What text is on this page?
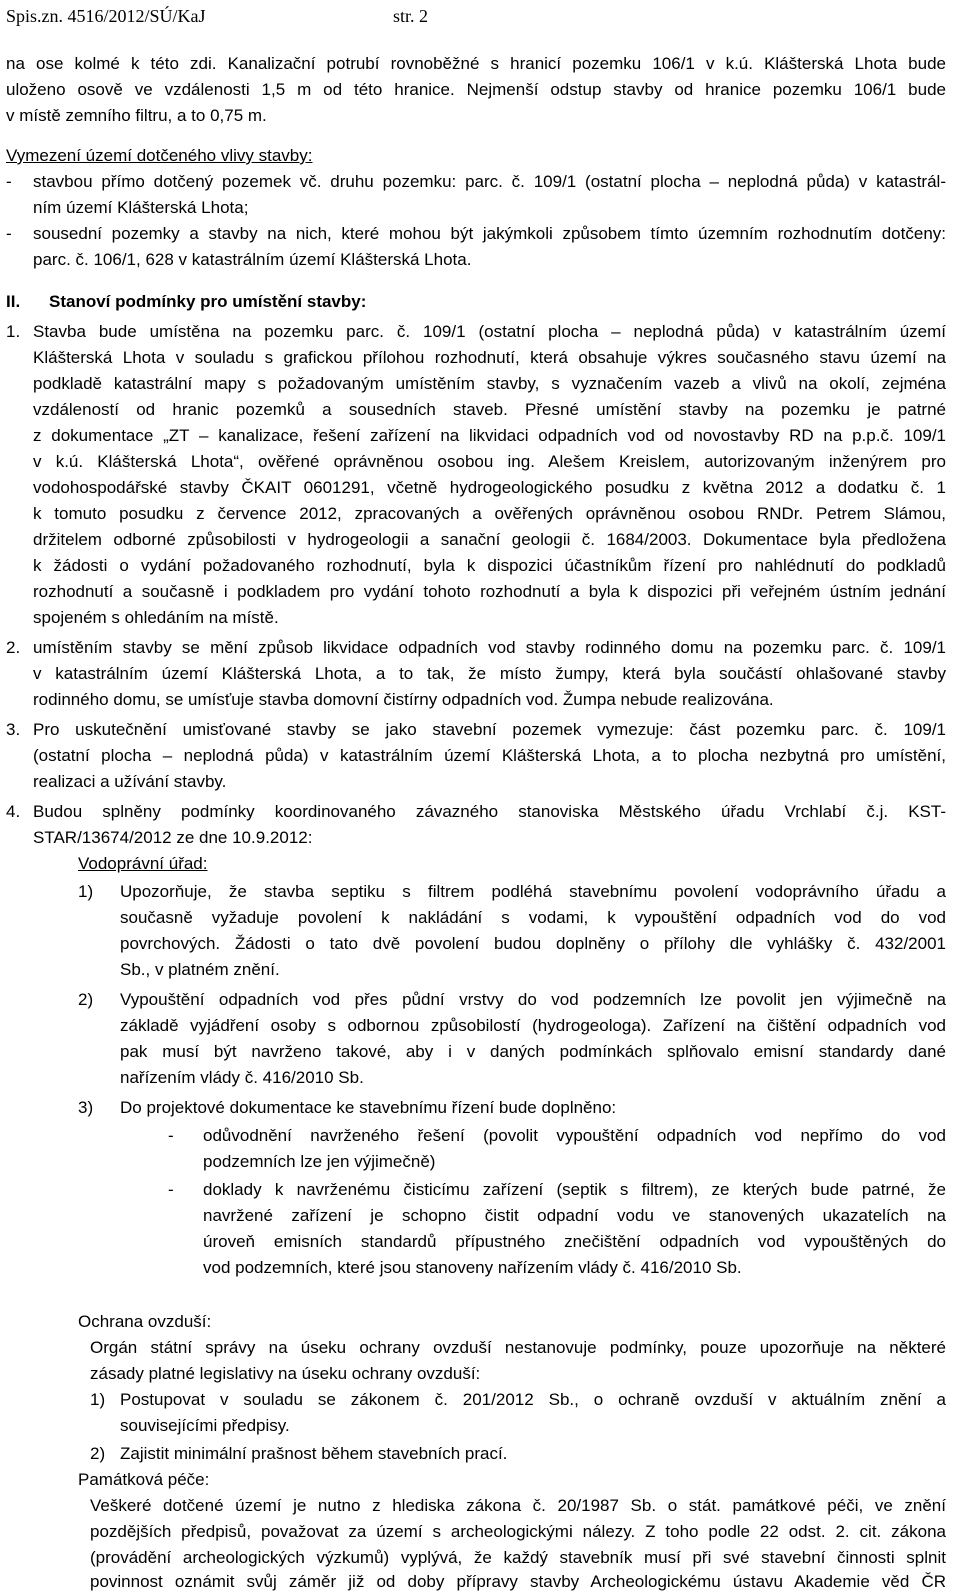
Spis.zn. 4516/2012/SÚ/KaJ	str. 2
na ose kolmé k této zdi. Kanalizační potrubí rovnoběžné s hranicí pozemku 106/1 v k.ú. Klášterská Lhota bude
uloženo osově ve vzdálenosti 1,5 m od této hranice. Nejmenší odstup stavby od hranice pozemku 106/1 bude
v místě zemního filtru, a to 0,75 m.
Vymezení území dotčeného vlivy stavby:
- stavbou přímo dotčený pozemek vč. druhu pozemku: parc. č. 109/1 (ostatní plocha – neplodná půda) v katastrál-
ním území Klášterská Lhota;
- sousední pozemky a stavby na nich, které mohou být jakýmkoli způsobem tímto územním rozhodnutím dotčeny:
parc. č. 106/1, 628 v katastrálním území Klášterská Lhota.
II. Stanoví podmínky pro umístění stavby:
1. Stavba bude umístěna na pozemku parc. č. 109/1 (ostatní plocha – neplodná půda) v katastrálním území
Klášterská Lhota v souladu s grafickou přílohou rozhodnutí, která obsahuje výkres současného stavu území na
podkladě katastrální mapy s požadovaným umístěním stavby, s vyznačením vazeb a vlivů na okolí, zejména
vzdáleností od hranic pozemků a sousedních staveb. Přesné umístění stavby na pozemku je patrné
z dokumentace „ZT – kanalizace, řešení zařízení na likvidaci odpadních vod od novostavby RD na p.p.č. 109/1
v k.ú. Klášterská Lhota“, ověřené oprávněnou osobou ing. Alešem Kreislem, autorizovaným inženýrem pro
vodohospodářské stavby ČKAIT 0601291, včetně hydrogeologického posudku z května 2012 a dodatku č. 1
k tomuto posudku z července 2012, zpracovaných a ověřených oprávněnou osobou RNDr. Petrem Slámou,
držitelem odborné způsobilosti v hydrogeologii a sanační geologii č. 1684/2003. Dokumentace byla předložena
k žádosti o vydání požadovaného rozhodnutí, byla k dispozici účastníkům řízení pro nahlédnutí do podkladů
rozhodnutí a současně i podkladem pro vydání tohoto rozhodnutí a byla k dispozici při veřejném ústním jednání
spojeném s ohledáním na místě.
2. umístěním stavby se mění způsob likvidace odpadních vod stavby rodinného domu na pozemku parc. č. 109/1
v katastrálním území Klášterská Lhota, a to tak, že místo žumpy, která byla součástí ohlašované stavby
rodinného domu, se umísťuje stavba domovní čistírny odpadních vod. Žumpa nebude realizována.
3. Pro uskutečnění umisťované stavby se jako stavební pozemek vymezuje: část pozemku parc. č. 109/1
(ostatní plocha – neplodná půda) v katastrálním území Klášterská Lhota, a to plocha nezbytná pro umístění,
realizaci a užívání stavby.
4. Budou splněny podmínky koordinovaného závazného stanoviska Městského úřadu Vrchlabí č.j. KST-
STAR/13674/2012 ze dne 10.9.2012:
Vodoprávní úřad:
1) Upozorňuje, že stavba septiku s filtrem podléhá stavebnímu povolení vodoprávního úřadu a
současně vyžaduje povolení k nakládání s vodami, k vypouštění odpadních vod do vod
povrchových. Žádosti o tato dvě povolení budou doplněny o přílohy dle vyhlášky č. 432/2001
Sb., v platném znění.
2) Vypouštění odpadních vod přes půdní vrstvy do vod podzemních lze povolit jen výjimečně na
základě vyjádření osoby s odbornou způsobilostí (hydrogeologa). Zařízení na čištění odpadních vod
pak musí být navrženo takové, aby i v daných podmínkách splňovalo emisní standardy dané
nařízením vlády č. 416/2010 Sb.
3) Do projektové dokumentace ke stavebnímu řízení bude doplněno:
- odůvodnění navrženého řešení (povolit vypouštění odpadních vod nepřímo do vod
podzemních lze jen výjimečně)
- doklady k navrženému čisticímu zařízení (septik s filtrem), ze kterých bude patrné, že
navržené zařízení je schopno čistit odpadní vodu ve stanovených ukazatelích na
úroveň emisních standardů přípustného znečištění odpadních vod vypouštěných do
vod podzemních, které jsou stanoveny nařízením vlády č. 416/2010 Sb.
Ochrana ovzduší:
Orgán státní správy na úseku ochrany ovzduší nestanovuje podmínky, pouze upozorňuje na některé
zásady platné legislativy na úseku ochrany ovzduší:
1) Postupovat v souladu se zákonem č. 201/2012 Sb., o ochraně ovzduší v aktuálním znění a
souvisejícími předpisy.
2) Zajistit minimální prašnost během stavebních prací.
Památková péče:
Veškeré dotčené území je nutno z hlediska zákona č. 20/1987 Sb. o stát. památkové péči, ve znění
pozdějších předpisů, považovat za území s archeologickými nálezy. Z toho podle 22 odst. 2. cit. zákona
(provádění archeologických výzkumů) vyplývá, že každý stavebník musí při své stavební činnosti splnit
povinnost oznámit svůj záměr již od doby přípravy stavby Archeologickému ústavu Akademie věd ČR
